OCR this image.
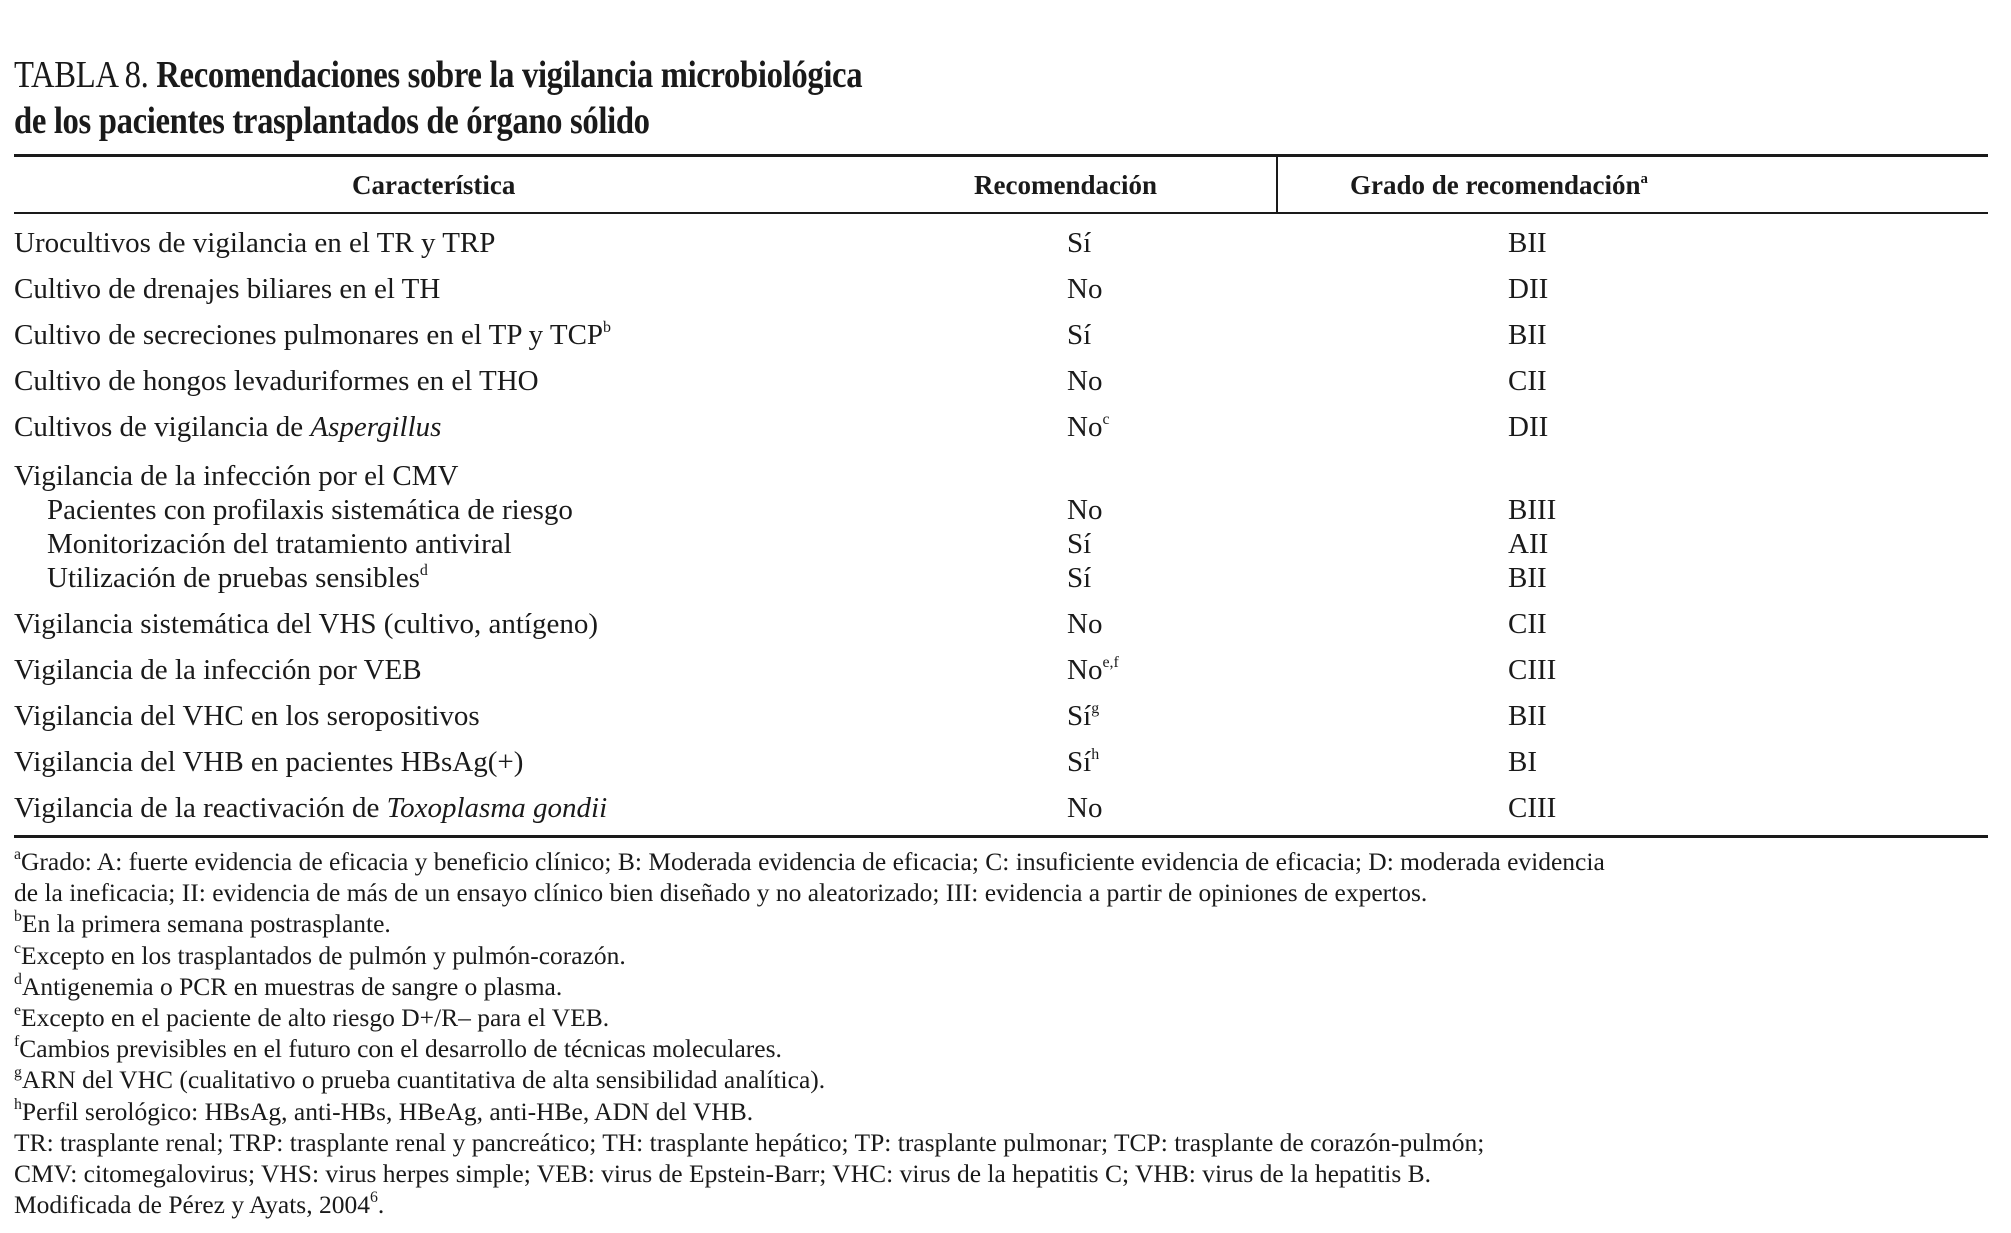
TABLA 8. Recomendaciones sobre la vigilancia microbiológica
de los pacientes trasplantados de órgano sólido
Característica	Recomendación	Grado de recomendación$^a$
Urocultivos de vigilancia en el TR y TRP	Sí	BII
Cultivo de drenajes biliares en el TH	No	DII
Cultivo de secreciones pulmonares en el TP y TCP$^b$	Sí	BII
Cultivo de hongos levaduriformes en el THO	No	CII
Cultivos de vigilancia de Aspergillus	No$^c$	DII
Vigilancia de la infección por el CMV
Pacientes con profilaxis sistemática de riesgo	No	BIII
Monitorización del tratamiento antiviral	Sí	AII
Utilización de pruebas sensibles$^d$	Sí	BII
Vigilancia sistemática del VHS (cultivo, antígeno)	No	CII
Vigilancia de la infección por VEB	No$^{e,f}$	CIII
Vigilancia del VHC en los seropositivos	$Sí^g$	BII
Vigilancia del VHB en pacientes HBsAg(+)	$Sí^h$	BI
Vigilancia de la reactivación de Toxoplasma gondii	No	CIII
$^a$Grado: A: fuerte evidencia de eficacia y beneficio clínico; B: Moderada evidencia de eficacia; C: insuficiente evidencia de eficacia; D: moderada evidencia
de la ineficacia; II: evidencia de más de un ensayo clínico bien diseñado y no aleatorizado; III: evidencia a partir de opiniones de expertos.
$^b$En la primera semana postrasplante.
$^c$Excepto en los trasplantados de pulmón y pulmón-corazón.
$^d$Antigenemia o PCR en muestras de sangre o plasma.
$^e$Excepto en el paciente de alto riesgo D+/R– para el VEB.
$^f$Cambios previsibles en el futuro con el desarrollo de técnicas moleculares.
$^g$ARN del VHC (cualitativo o prueba cuantitativa de alta sensibilidad analítica).
$^h$Perfil serológico: HBsAg, anti-HBs, HBeAg, anti-HBe, ADN del VHB.
TR: trasplante renal; TRP: trasplante renal y pancreático; TH: trasplante hepático; TP: trasplante pulmonar; TCP: trasplante de corazón-pulmón;
CMV: citomegalovirus; VHS: virus herpes simple; VEB: virus de Epstein-Barr; VHC: virus de la hepatitis C; VHB: virus de la hepatitis B.
Modificada de Pérez y Ayats, 2004$^6$.
